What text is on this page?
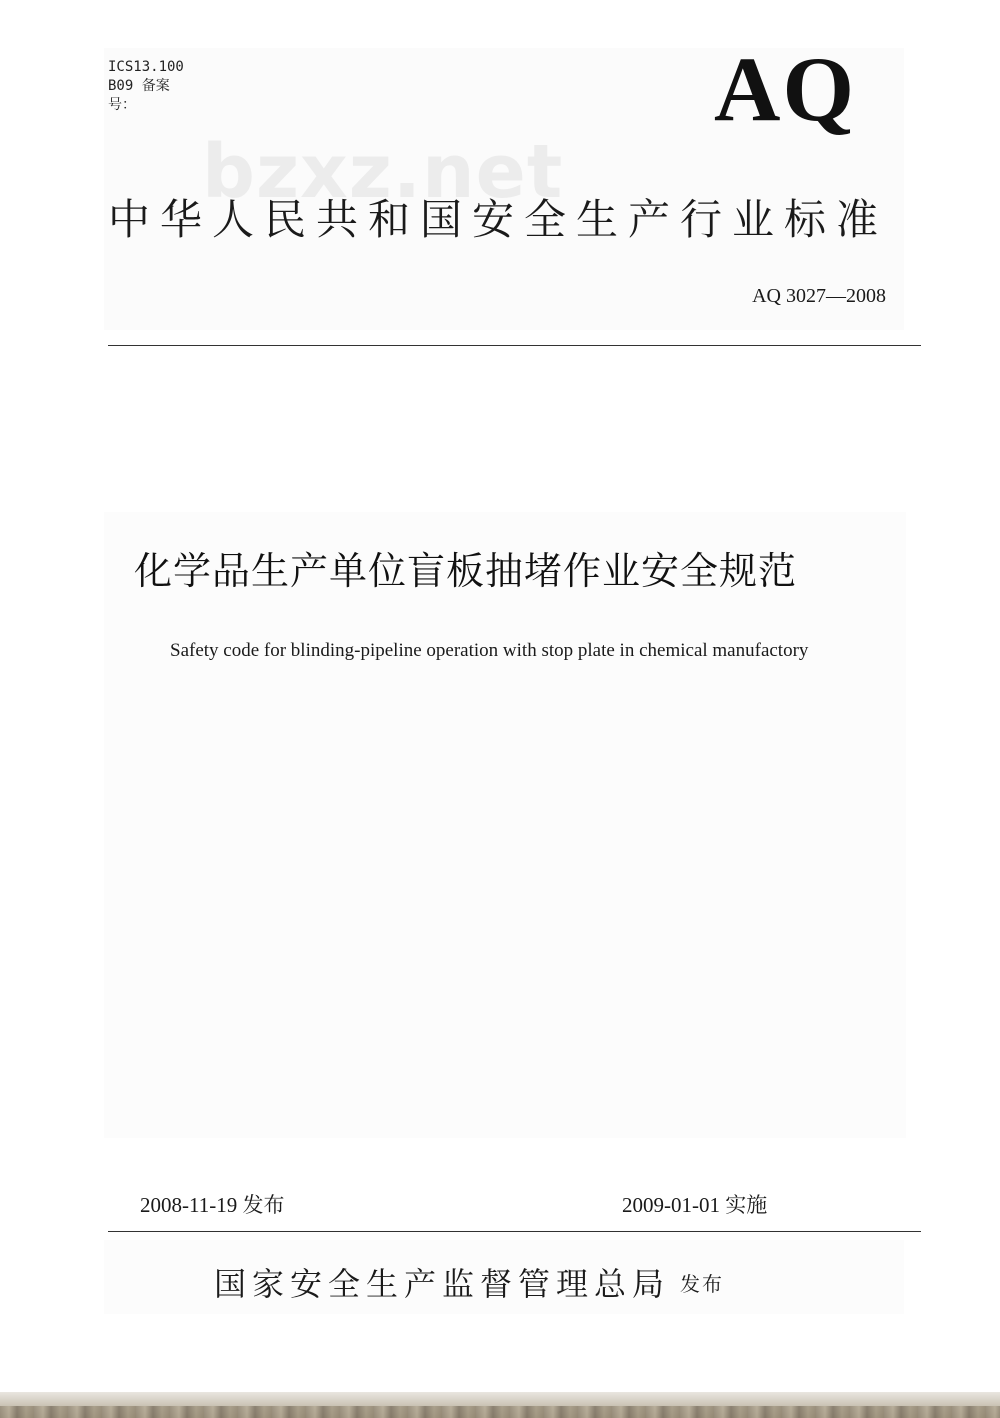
ICS13.100
B09 备案
号：	AQ
bzxz.net
中华人民共和国安全生产行业标准
AQ 3027—2008
化学品生产单位盲板抽堵作业安全规范
Safety code for blinding-pipeline operation with stop plate in chemical manufactory
2008-11-19 发布	2009-01-01 实施
国家安全生产监督管理总局 发布
